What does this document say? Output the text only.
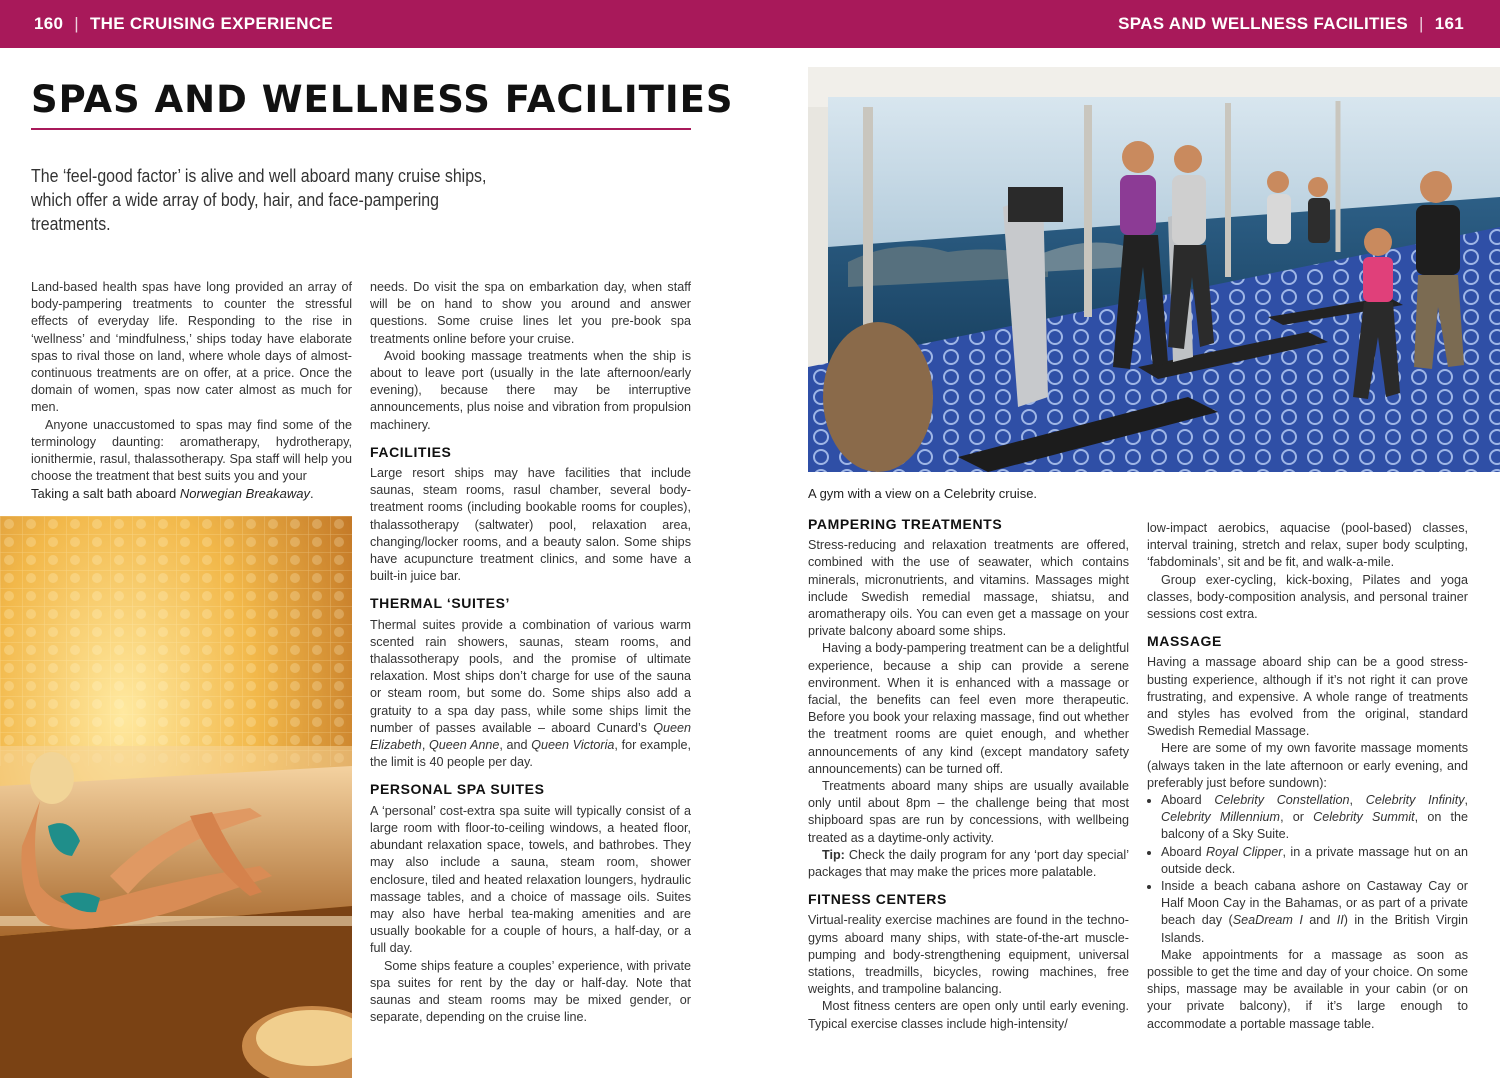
160 | THE CRUISING EXPERIENCE	SPAS AND WELLNESS FACILITIES | 161
SPAS AND WELLNESS FACILITIES
The ‘feel-good factor’ is alive and well aboard many cruise ships, which offer a wide array of body, hair, and face-pampering treatments.

Land-based health spas have long provided an array of body-pampering treatments to counter the stressful effects of everyday life. Responding to the rise in ‘wellness’ and ‘mindfulness,’ ships today have elaborate spas to rival those on land, where whole days of almost-continuous treatments are on offer, at a price. Once the domain of women, spas now cater almost as much for men.

Anyone unaccustomed to spas may find some of the terminology daunting: aromatherapy, hydrotherapy, ionithermie, rasul, thalassotherapy. Spa staff will help you choose the treatment that best suits you and your

Taking a salt bath aboard Norwegian Breakaway.

needs. Do visit the spa on embarkation day, when staff will be on hand to show you around and answer questions. Some cruise lines let you pre-book spa treatments online before your cruise.

Avoid booking massage treatments when the ship is about to leave port (usually in the late afternoon/early evening), because there may be interruptive announcements, plus noise and vibration from propulsion machinery.

FACILITIES

Large resort ships may have facilities that include saunas, steam rooms, rasul chamber, several body-treatment rooms (including bookable rooms for couples), thalassotherapy (saltwater) pool, relaxation area, changing/locker rooms, and a beauty salon. Some ships have acupuncture treatment clinics, and some have a built-in juice bar.

THERMAL ‘SUITES’

Thermal suites provide a combination of various warm scented rain showers, saunas, steam rooms, and thalassotherapy pools, and the promise of ultimate relaxation. Most ships don’t charge for use of the sauna or steam room, but some do. Some ships also add a gratuity to a spa day pass, while some ships limit the number of passes available – aboard Cunard’s Queen Elizabeth, Queen Anne, and Queen Victoria, for example, the limit is 40 people per day.

PERSONAL SPA SUITES

A ‘personal’ cost-extra spa suite will typically consist of a large room with floor-to-ceiling windows, a heated floor, abundant relaxation space, towels, and bathrobes. They may also include a sauna, steam room, shower enclosure, tiled and heated relaxation loungers, hydraulic massage tables, and a choice of massage oils. Suites may also have herbal tea-making amenities and are usually bookable for a couple of hours, a half-day, or a full day.

Some ships feature a couples’ experience, with private spa suites for rent by the day or half-day. Note that saunas and steam rooms may be mixed gender, or separate, depending on the cruise line.

A gym with a view on a Celebrity cruise.
PAMPERING TREATMENTS

Stress-reducing and relaxation treatments are offered, combined with the use of seawater, which contains minerals, micronutrients, and vitamins. Massages might include Swedish remedial massage, shiatsu, and aromatherapy oils. You can even get a massage on your private balcony aboard some ships.

Having a body-pampering treatment can be a delightful experience, because a ship can provide a serene environment. When it is enhanced with a massage or facial, the benefits can feel even more therapeutic. Before you book your relaxing massage, find out whether the treatment rooms are quiet enough, and whether announcements of any kind (except mandatory safety announcements) can be turned off.

Treatments aboard many ships are usually available only until about 8pm – the challenge being that most shipboard spas are run by concessions, with wellbeing treated as a daytime-only activity.

Tip: Check the daily program for any ‘port day special’ packages that may make the prices more palatable.

FITNESS CENTERS

Virtual-reality exercise machines are found in the techno-gyms aboard many ships, with state-of-the-art muscle-pumping and body-strengthening equipment, universal stations, treadmills, bicycles, rowing machines, free weights, and trampoline balancing.

Most fitness centers are open only until early evening. Typical exercise classes include high-intensity/

low-impact aerobics, aquacise (pool-based) classes, interval training, stretch and relax, super body sculpting, ‘fabdominals’, sit and be fit, and walk-a-mile.

Group exer-cycling, kick-boxing, Pilates and yoga classes, body-composition analysis, and personal trainer sessions cost extra.

MASSAGE

Having a massage aboard ship can be a good stress-busting experience, although if it’s not right it can prove frustrating, and expensive. A whole range of treatments and styles has evolved from the original, standard Swedish Remedial Massage.

Here are some of my own favorite massage moments (always taken in the late afternoon or early evening, and preferably just before sundown):

• Aboard Celebrity Constellation, Celebrity Infinity, Celebrity Millennium, or Celebrity Summit, on the balcony of a Sky Suite.
• Aboard Royal Clipper, in a private massage hut on an outside deck.
• Inside a beach cabana ashore on Castaway Cay or Half Moon Cay in the Bahamas, or as part of a private beach day (SeaDream I and II) in the British Virgin Islands.

Make appointments for a massage as soon as possible to get the time and day of your choice. On some ships, massage may be available in your cabin (or on your private balcony), if it’s large enough to accommodate a portable massage table.
